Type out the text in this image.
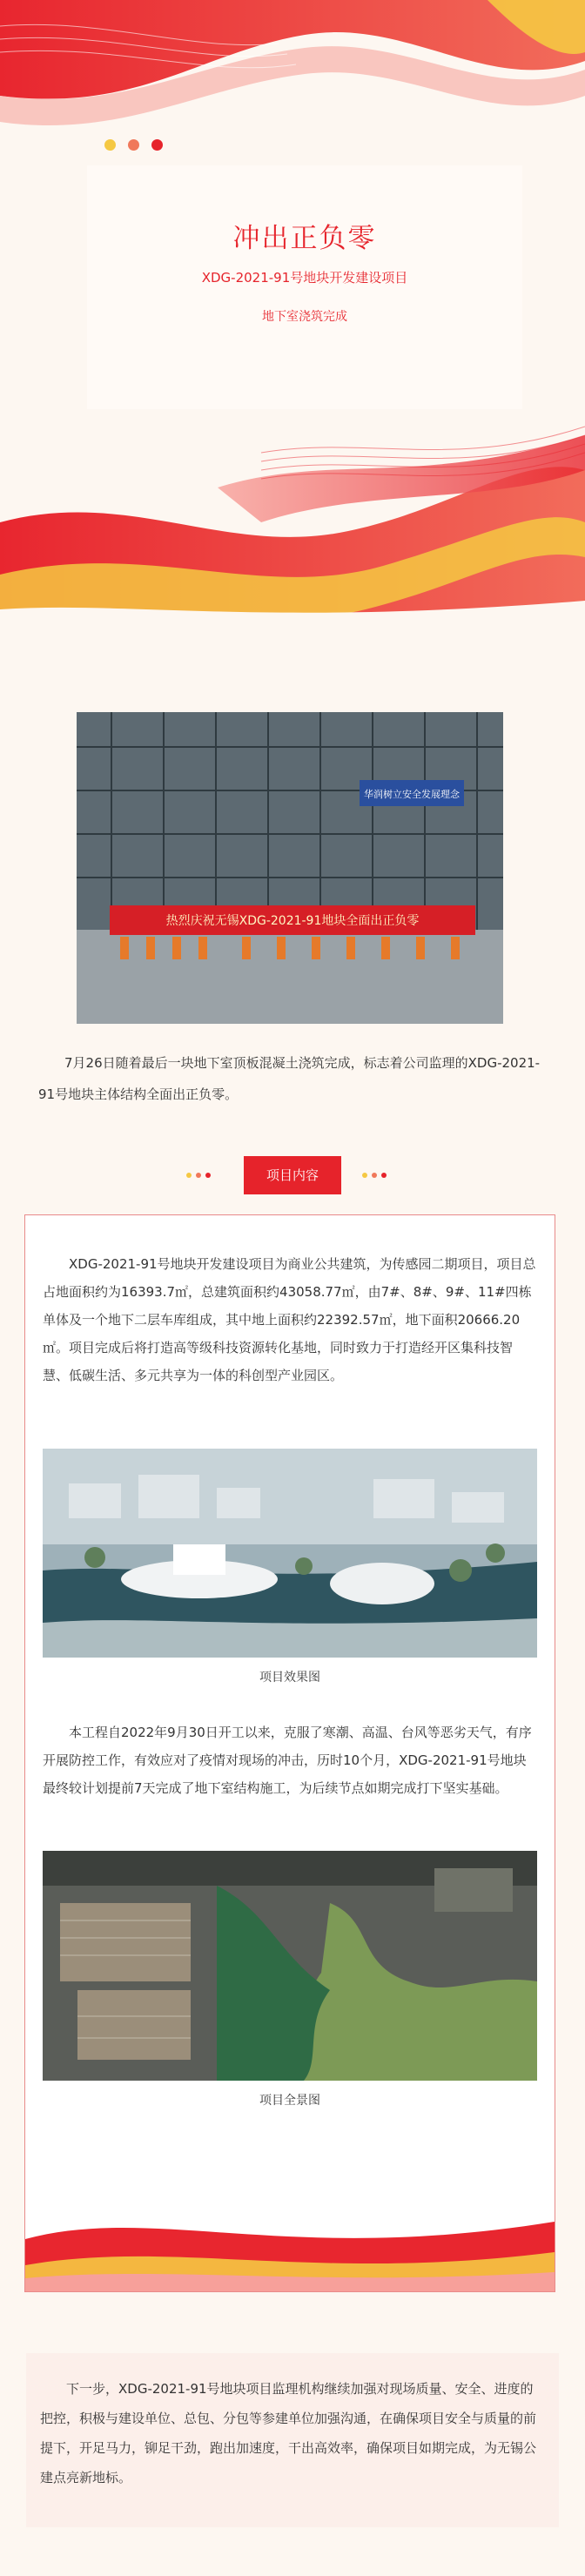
冲出正负零
XDG-2021-91号地块开发建设项目
地下室浇筑完成
华润树立安全发展理念
热烈庆祝无锡XDG-2021-91地块全面出正负零

7月26日随着最后一块地下室顶板混凝土浇筑完成，标志着公司监理的XDG-2021-91号地块主体结构全面出正负零。

项目内容

XDG-2021-91号地块开发建设项目为商业公共建筑，为传感园二期项目，项目总占地面积约为16393.7㎡，总建筑面积约43058.77㎡，由7#、8#、9#、11#四栋单体及一个地下二层车库组成，其中地上面积约22392.57㎡，地下面积20666.20㎡。项目完成后将打造高等级科技资源转化基地，同时致力于打造经开区集科技智慧、低碳生活、多元共享为一体的科创型产业园区。

项目效果图

本工程自2022年9月30日开工以来，克服了寒潮、高温、台风等恶劣天气，有序开展防控工作，有效应对了疫情对现场的冲击，历时10个月，XDG-2021-91号地块最终较计划提前7天完成了地下室结构施工，为后续节点如期完成打下坚实基础。

项目全景图

下一步，XDG-2021-91号地块项目监理机构继续加强对现场质量、安全、进度的把控，积极与建设单位、总包、分包等参建单位加强沟通，在确保项目安全与质量的前提下，开足马力，铆足干劲，跑出加速度，干出高效率，确保项目如期完成，为无锡公建点亮新地标。
